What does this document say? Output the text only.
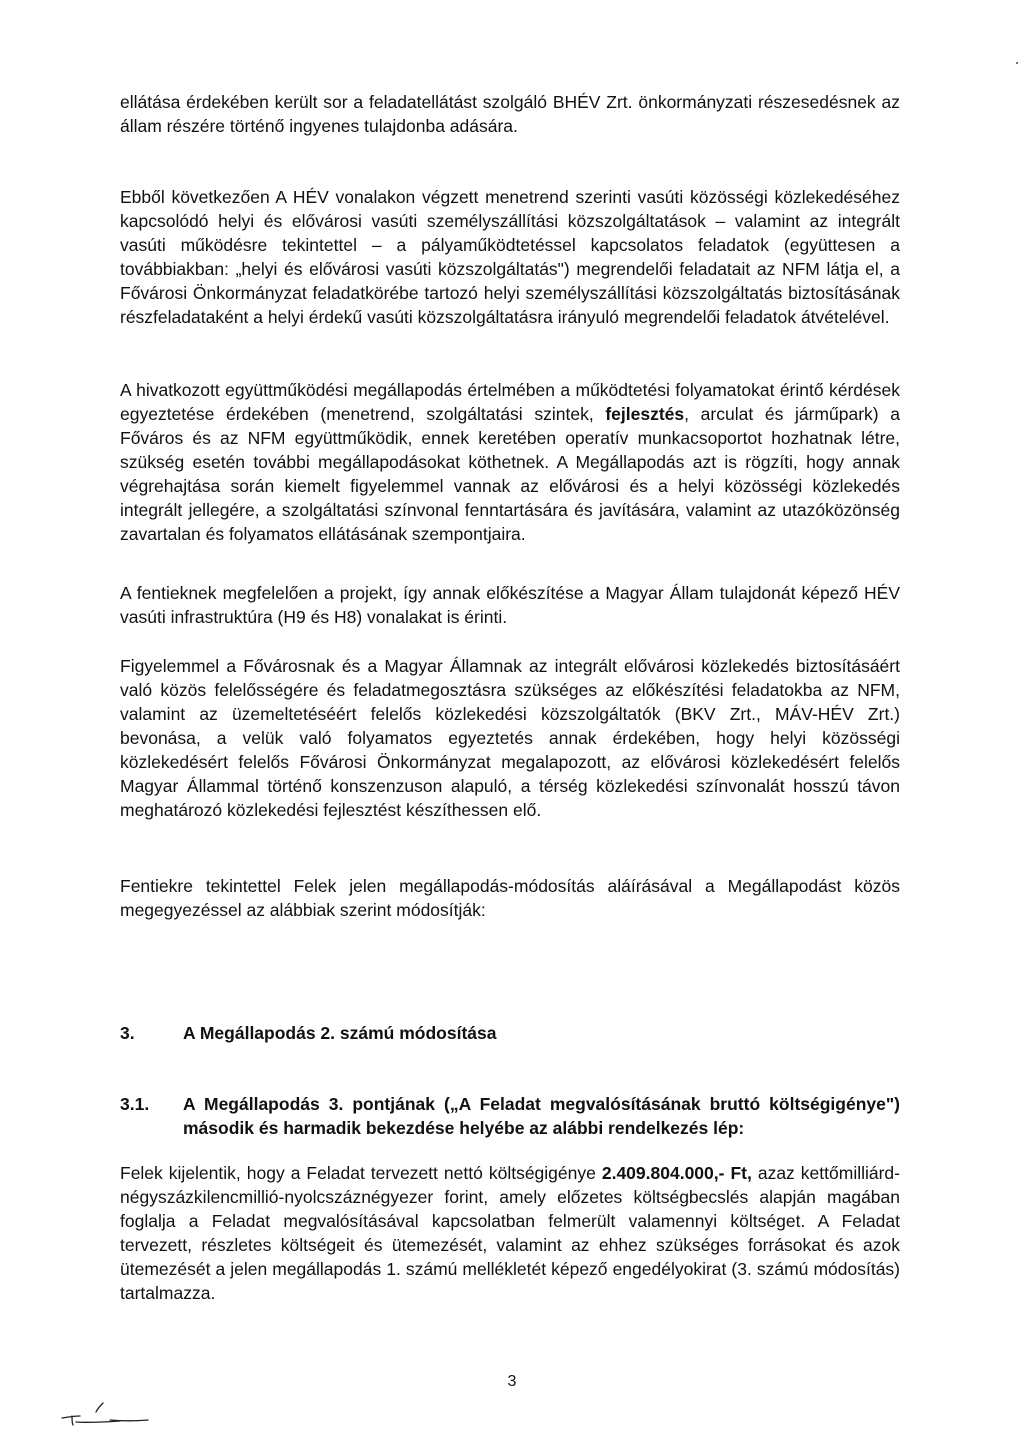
ellátása érdekében került sor a feladatellátást szolgáló BHÉV Zrt. önkormányzati részesedésnek az állam részére történő ingyenes tulajdonba adására.

Ebből következően A HÉV vonalakon végzett menetrend szerinti vasúti közösségi közlekedéséhez kapcsolódó helyi és elővárosi vasúti személyszállítási közszolgáltatások – valamint az integrált vasúti működésre tekintettel – a pályaműködtetéssel kapcsolatos feladatok (együttesen a továbbiakban: „helyi és elővárosi vasúti közszolgáltatás") megrendelői feladatait az NFM látja el, a Fővárosi Önkormányzat feladatkörébe tartozó helyi személyszállítási közszolgáltatás biztosításának részfeladataként a helyi érdekű vasúti közszolgáltatásra irányuló megrendelői feladatok átvételével.

A hivatkozott együttműködési megállapodás értelmében a működtetési folyamatokat érintő kérdések egyeztetése érdekében (menetrend, szolgáltatási szintek, fejlesztés, arculat és járműpark) a Főváros és az NFM együttműködik, ennek keretében operatív munkacsoportot hozhatnak létre, szükség esetén további megállapodásokat köthetnek. A Megállapodás azt is rögzíti, hogy annak végrehajtása során kiemelt figyelemmel vannak az elővárosi és a helyi közösségi közlekedés integrált jellegére, a szolgáltatási színvonal fenntartására és javítására, valamint az utazóközönség zavartalan és folyamatos ellátásának szempontjaira.

A fentieknek megfelelően a projekt, így annak előkészítése a Magyar Állam tulajdonát képező HÉV vasúti infrastruktúra (H9 és H8) vonalakat is érinti.

Figyelemmel a Fővárosnak és a Magyar Államnak az integrált elővárosi közlekedés biztosításáért való közös felelősségére és feladatmegosztásra szükséges az előkészítési feladatokba az NFM, valamint az üzemeltetéséért felelős közlekedési közszolgáltatók (BKV Zrt., MÁV-HÉV Zrt.) bevonása, a velük való folyamatos egyeztetés annak érdekében, hogy helyi közösségi közlekedésért felelős Fővárosi Önkormányzat megalapozott, az elővárosi közlekedésért felelős Magyar Állammal történő konszenzuson alapuló, a térség közlekedési színvonalát hosszú távon meghatározó közlekedési fejlesztést készíthessen elő.

Fentiekre tekintettel Felek jelen megállapodás-módosítás aláírásával a Megállapodást közös megegyezéssel az alábbiak szerint módosítják:

3.	A Megállapodás 2. számú módosítása
3.1.	A Megállapodás 3. pontjának („A Feladat megvalósításának bruttó költségigénye") második és harmadik bekezdése helyébe az alábbi rendelkezés lép:

Felek kijelentik, hogy a Feladat tervezett nettó költségigénye 2.409.804.000,- Ft, azaz kettőmilliárd-négyszázkilencmillió-nyolcszáznégyezer forint, amely előzetes költségbecslés alapján magában foglalja a Feladat megvalósításával kapcsolatban felmerült valamennyi költséget. A Feladat tervezett, részletes költségeit és ütemezését, valamint az ehhez szükséges forrásokat és azok ütemezését a jelen megállapodás 1. számú mellékletét képező engedélyokirat (3. számú módosítás) tartalmazza.

3
